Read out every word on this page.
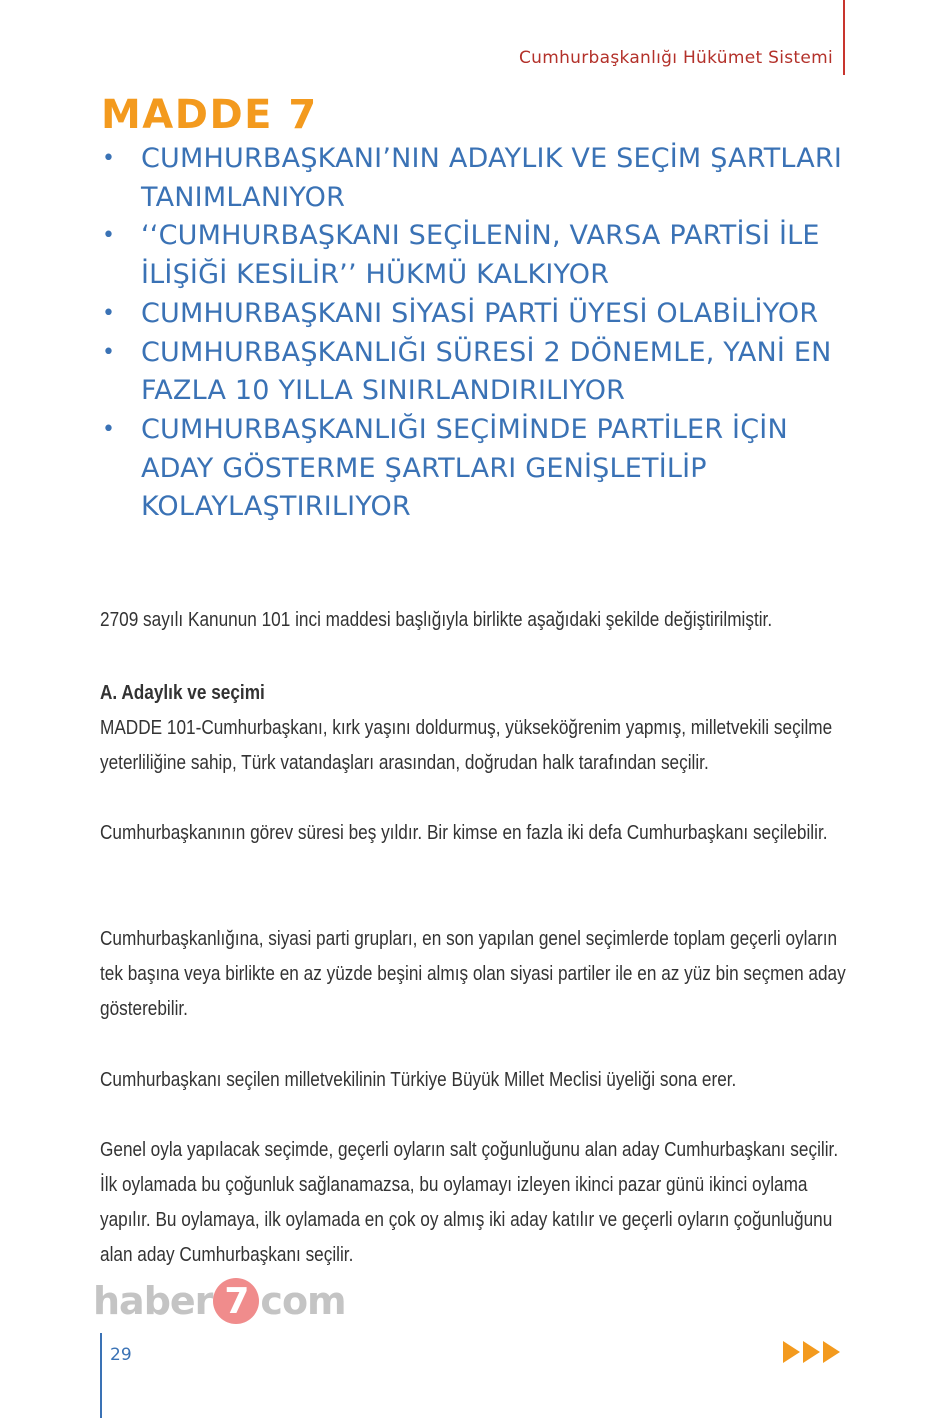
Cumhurbaşkanlığı Hükümet Sistemi
MADDE 7
• CUMHURBAŞKANI’NIN ADAYLIK VE SEÇİM ŞARTLARI TANIMLANIYOR
• ‘‘CUMHURBAŞKANI SEÇİLENİN, VARSA PARTİSİ İLE İLİŞİĞİ KESİLİR’’ HÜKMÜ KALKIYOR
• CUMHURBAŞKANI SİYASİ PARTİ ÜYESİ OLABİLİYOR
• CUMHURBAŞKANLIĞI SÜRESİ 2 DÖNEMLE, YANİ EN FAZLA 10 YILLA SINIRLANDIRILIYOR
• CUMHURBAŞKANLIĞI SEÇİMİNDE PARTİLER İÇİN ADAY GÖSTERME ŞARTLARI GENİŞLETİLİP KOLAYLAŞTIRILIYOR
2709 sayılı Kanunun 101 inci maddesi başlığıyla birlikte aşağıdaki şekilde değiştirilmiştir.
A. Adaylık ve seçimi
MADDE 101-Cumhurbaşkanı, kırk yaşını doldurmuş, yükseköğrenim yapmış, milletvekili seçilme yeterliliğine sahip, Türk vatandaşları arasından, doğrudan halk tarafından seçilir.
Cumhurbaşkanının görev süresi beş yıldır. Bir kimse en fazla iki defa Cumhurbaşkanı seçilebilir.
Cumhurbaşkanlığına, siyasi parti grupları, en son yapılan genel seçimlerde toplam geçerli oyların tek başına veya birlikte en az yüzde beşini almış olan siyasi partiler ile en az yüz bin seçmen aday gösterebilir.
Cumhurbaşkanı seçilen milletvekilinin Türkiye Büyük Millet Meclisi üyeliği sona erer.
Genel oyla yapılacak seçimde, geçerli oyların salt çoğunluğunu alan aday Cumhurbaşkanı seçilir. İlk oylamada bu çoğunluk sağlanamazsa, bu oylamayı izleyen ikinci pazar günü ikinci oylama yapılır. Bu oylamaya, ilk oylamada en çok oy almış iki aday katılır ve geçerli oyların çoğunluğunu alan aday Cumhurbaşkanı seçilir.
haber 7 com
29
